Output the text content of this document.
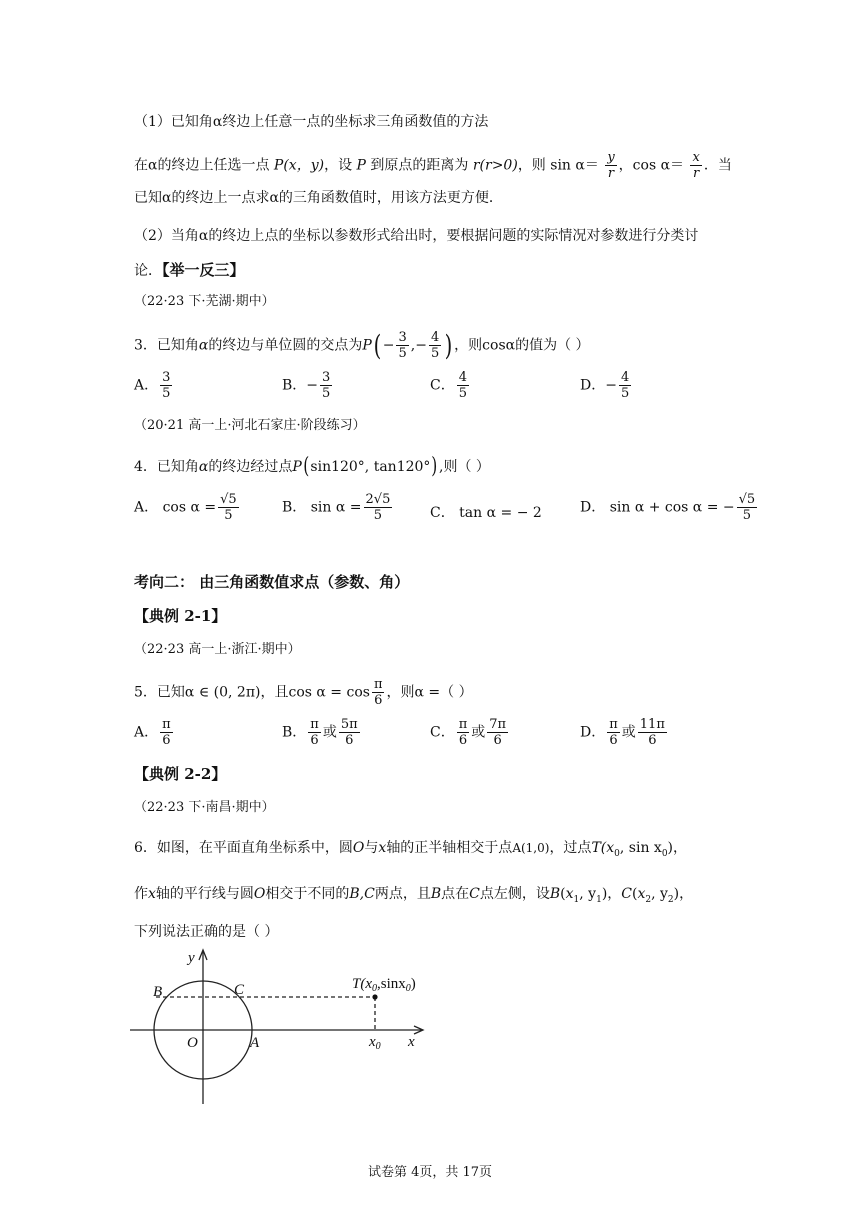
（1）已知角α终边上任意一点的坐标求三角函数值的方法
在α的终边上任选一点 P(x，y)，设 P 到原点的距离为 r(r>0)，则 $\sin \alpha= \frac{y}{r}$ ，$\cos \alpha= \frac{x}{r}$ ．当
已知α的终边上一点求α的三角函数值时，用该方法更方便．
（2）当角α的终边上点的坐标以参数形式给出时，要根据问题的实际情况对参数进行分类讨
论．【举一反三】
（22·23 下·芜湖·期中）
3．已知角α的终边与单位圆的交点为$P( - \frac{3}{5}$ ,− $\frac{4}{5}$ ) ，则cosα的值为（ ）
A． $\frac{3}{5}$	B．− $\frac{3}{5}$	C． $\frac{4}{5}$	D．− $\frac{4}{5}$
（20·21 高一上·河北石家庄·阶段练习）
4．已知角α的终边经过点P(sin120°, tan120°),则（ ）
A． $\cos \alpha = \frac{√5}{5}$	B． $\sin \alpha = \frac{2√5}{5}$	C． tan α = − 2	D． sin α + cos α = − $\frac{√5}{5}$
考向二： 由三角函数值求点（参数、角）
【典例 2-1】
（22·23 高一上·浙江·期中）
5．已知α ∈ (0, 2π)，且$\cos \alpha = \cos \frac{\pi}{6}$ ，则α =（ ）
A． $\frac{\pi}{6}$	B． $\frac{\pi}{6}$ 或 $\frac{5\pi}{6}$	C． $\frac{\pi}{6}$ 或 $\frac{7\pi}{6}$	D． $\frac{\pi}{6}$ 或 $\frac{11\pi}{6}$
【典例 2-2】
（22·23 下·南昌·期中）
6．如图，在平面直角坐标系中，圆O与x轴的正半轴相交于点A(1,0)，过点$T(x_0$, $\sin x_0$)，
作x轴的平行线与圆O相交于不同的B,C两点，且B点在C点左侧，设$B(x_1$, $y_1$)，$C(x_2$, $y_2$)，
下列说法正确的是（ ）
y
x
B	C
O	A
$T(x_0,\sin x_0)$
$x_0$
试卷第 4页，共 17页
